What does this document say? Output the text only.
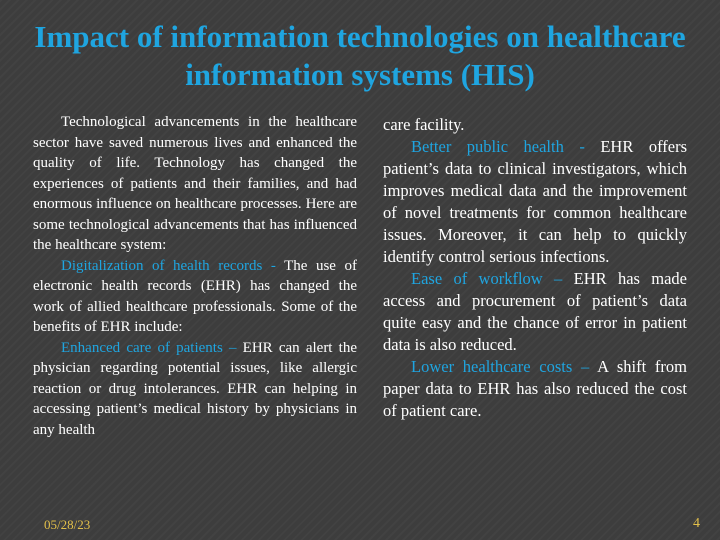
Impact of information technologies on healthcare information systems (HIS)

Technological advancements in the healthcare sector have saved numerous lives and enhanced the quality of life. Technology has changed the experiences of patients and their families, and had enormous influence on healthcare processes. Here are some technological advancements that has influenced the healthcare system:

Digitalization of health records - The use of electronic health records (EHR) has changed the work of allied healthcare professionals. Some of the benefits of EHR include:

Enhanced care of patients – EHR can alert the physician regarding potential issues, like allergic reaction or drug intolerances. EHR can helping in accessing patient’s medical history by physicians in any health

care facility.

Better public health - EHR offers patient’s data to clinical investigators, which improves medical data and the improvement of novel treatments for common healthcare issues. Moreover, it can help to quickly identify control serious infections.

Ease of workflow – EHR has made access and procurement of patient’s data quite easy and the chance of error in patient data is also reduced.

Lower healthcare costs – A shift from paper data to EHR has also reduced the cost of patient care.

05/28/23	4
